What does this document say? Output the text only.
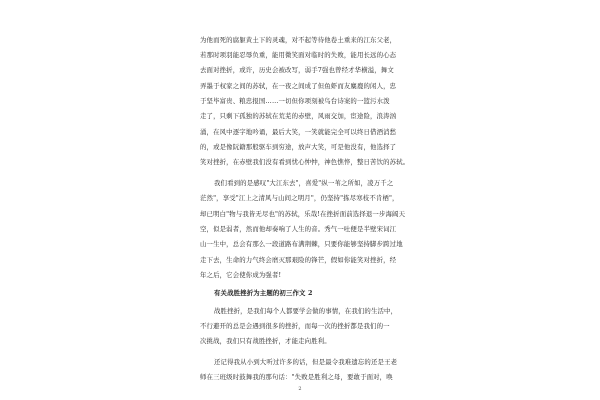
为他而死的腐躯黄土下的灵魂，对不起等待他卷土重来的江东父老，
若那时项羽能忍辱负重，能用微笑面对临时的失败，能用长远的心态
去面对挫折，或许，历史会被改写，弱手7强也曾经才华横溢，舞文
弄墨于权家之间的苏轼，在一夜之间成了但鱼虾而友麋鹿的闲人，忠
于坚毕富贵、粮忠报国……一切但你项刻被鸟台诗案的一篮污水泼
走了，只剩下孤独的苏轼在荒芜的赤壁，风雨交加，宦途险，浪涛汹
涌，在风中逐字地吟诵，最后大笑，一笑就能完全可以终日借酒消愁
的，或是像阮籍那般驱车到穷途，放声大笑，可是他没有，他选择了
笑对挫折，在赤壁我们没有看到忧心忡忡，神色憔悴，整日苦饮的苏轼。
我们看到的是感叹"大江东去"，喜爱"纵一苇之所如，凌万千之
茫然"，享受"江上之清风与山间之明月"，仍坚持"拣尽寒枝不肯栖"，
却已明白"物与我皆无尽也"的苏轼，乐哉!在挫折面前选择退一步海阔天
空，似是弱者，然而他却奏响了人生的音。秀气一吐便是半壁宋词江
山一生中，总会有那么一段道路布满荆棘，只要你能够坚持脚步跨过地
走下去，生命的力气终会磨灭那艰险的锋芒，假如你能笑对挫折，经
年之后，它会使你成为强者!
有关战胜挫折为主题的初三作文 2
战胜挫折，是我们每个人都要学会做的事情，在我们的生活中，
不行避开的总是会遇到很多的挫折，而每一次的挫折都是我们的一
次挑战，我们只有战胜挫折，才能走向胜利。
还记得我从小到大听过许多的话，但是最令我难遗忘的还是王老
师在三班级时鼓舞我的那句话："失败是胜利之母，要敢于面对，唤
2
